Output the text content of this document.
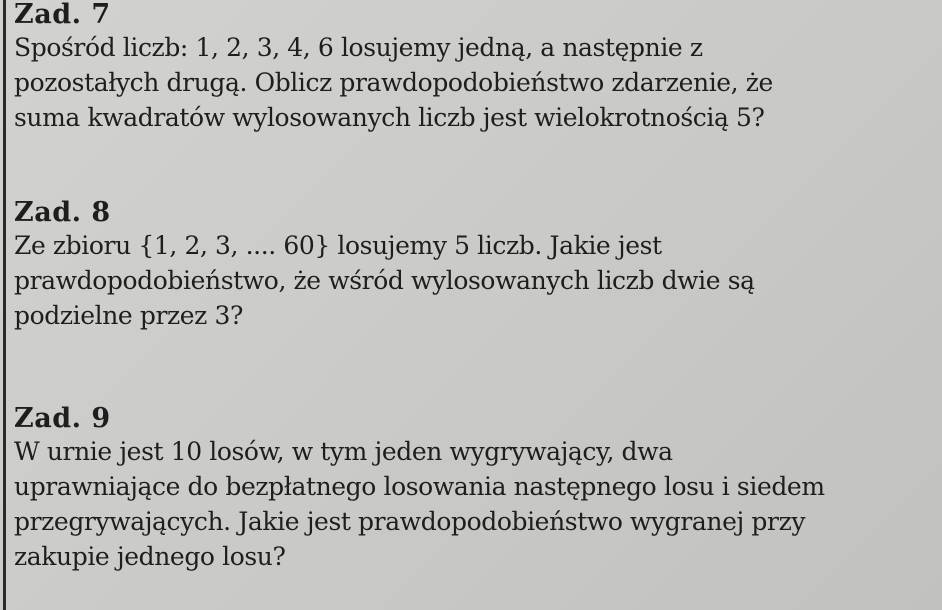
Zad. 7
Spośród liczb: 1, 2, 3, 4, 6 losujemy jedną, a następnie z
pozostałych drugą. Oblicz prawdopodobieństwo zdarzenie, że
suma kwadratów wylosowanych liczb jest wielokrotnością 5?
Zad. 8
Ze zbioru {1, 2, 3, .... 60} losujemy 5 liczb. Jakie jest
prawdopodobieństwo, że wśród wylosowanych liczb dwie są
podzielne przez 3?
Zad. 9
W urnie jest 10 losów, w tym jeden wygrywający, dwa
uprawniające do bezpłatnego losowania następnego losu i siedem
przegrywających. Jakie jest prawdopodobieństwo wygranej przy
zakupie jednego losu?
